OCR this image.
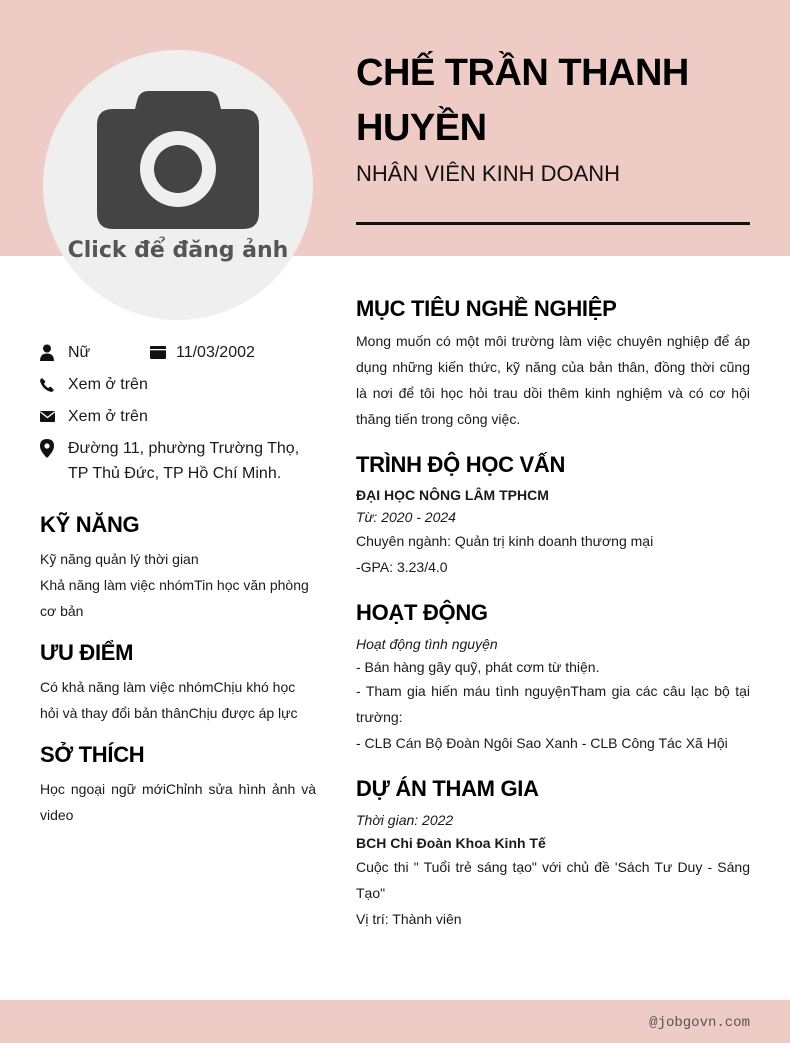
Click để đăng ảnh
CHẾ TRẦN THANH HUYỀN
NHÂN VIÊN KINH DOANH
Nữ	11/03/2002
Xem ở trên
Xem ở trên
Đường 11, phường Trường Thọ,
TP Thủ Đức, TP Hồ Chí Minh.
KỸ NĂNG
Kỹ năng quản lý thời gian
Khả năng làm việc nhómTin học văn phòng cơ bản
ƯU ĐIỂM
Có khả năng làm việc nhómChịu khó học hỏi và thay đổi bản thânChịu được áp lực
SỞ THÍCH
Học ngoại ngữ mớiChỉnh sửa hình ảnh và video
MỤC TIÊU NGHỀ NGHIỆP

Mong muốn có một môi trường làm việc chuyên nghiệp để áp dụng những kiến thức, kỹ năng của bản thân, đồng thời cũng là nơi để tôi học hỏi trau dồi thêm kinh nghiệm và có cơ hội thăng tiến trong công việc.

TRÌNH ĐỘ HỌC VẤN
ĐẠI HỌC NÔNG LÂM TPHCM
Từ: 2020 - 2024

Chuyên ngành: Quản trị kinh doanh thương mại

-GPA: 3.23/4.0

HOẠT ĐỘNG
Hoạt động tình nguyện
- Bán hàng gây quỹ, phát cơm từ thiện.

- Tham gia hiến máu tình nguyệnTham gia các câu lạc bộ tại trường:

- CLB Cán Bộ Đoàn Ngôi Sao Xanh - CLB Công Tác Xã Hội

DỰ ÁN THAM GIA
Thời gian: 2022
BCH Chi Đoàn Khoa Kinh Tế

Cuộc thi " Tuổi trẻ sáng tạo" với chủ đề 'Sách Tư Duy - Sáng Tạo"

Vị trí: Thành viên

@jobgovn.com
